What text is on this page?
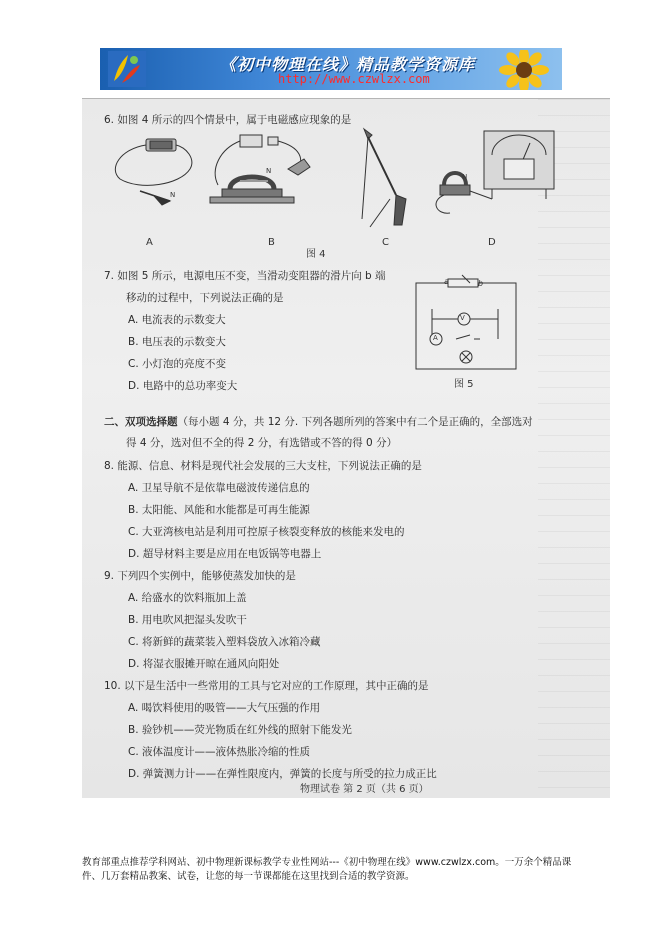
《初中物理在线》精品教学资源库
http://www.czwlzx.com
6. 如图 4 所示的四个情景中，属于电磁感应现象的是
N
N
N
A	B	C	D
图 4
7. 如图 5 所示，电源电压不变，当滑动变阻器的滑片向 b 端
移动的过程中，下列说法正确的是
A. 电流表的示数变大
B. 电压表的示数变大
C. 小灯泡的亮度不变
D. 电路中的总功率变大
a	b
V
A
图 5
二、双项选择题（每小题 4 分，共 12 分. 下列各题所列的答案中有二个是正确的，全部选对
得 4 分，选对但不全的得 2 分，有选错或不答的得 0 分）
8. 能源、信息、材料是现代社会发展的三大支柱，下列说法正确的是
A. 卫星导航不是依靠电磁波传递信息的
B. 太阳能、风能和水能都是可再生能源
C. 大亚湾核电站是利用可控原子核裂变释放的核能来发电的
D. 超导材料主要是应用在电饭锅等电器上
9. 下列四个实例中，能够使蒸发加快的是
A. 给盛水的饮料瓶加上盖
B. 用电吹风把湿头发吹干
C. 将新鲜的蔬菜装入塑料袋放入冰箱冷藏
D. 将湿衣服摊开晾在通风向阳处
10. 以下是生活中一些常用的工具与它对应的工作原理，其中正确的是
A. 喝饮料使用的吸管——大气压强的作用
B. 验钞机——荧光物质在红外线的照射下能发光
C. 液体温度计——液体热胀冷缩的性质
D. 弹簧测力计——在弹性限度内，弹簧的长度与所受的拉力成正比
物理试卷 第 2 页（共 6 页）
教育部重点推荐学科网站、初中物理新课标教学专业性网站---《初中物理在线》www.czwlzx.com。一万余个精品课
件、几万套精品教案、试卷，让您的每一节课都能在这里找到合适的教学资源。
